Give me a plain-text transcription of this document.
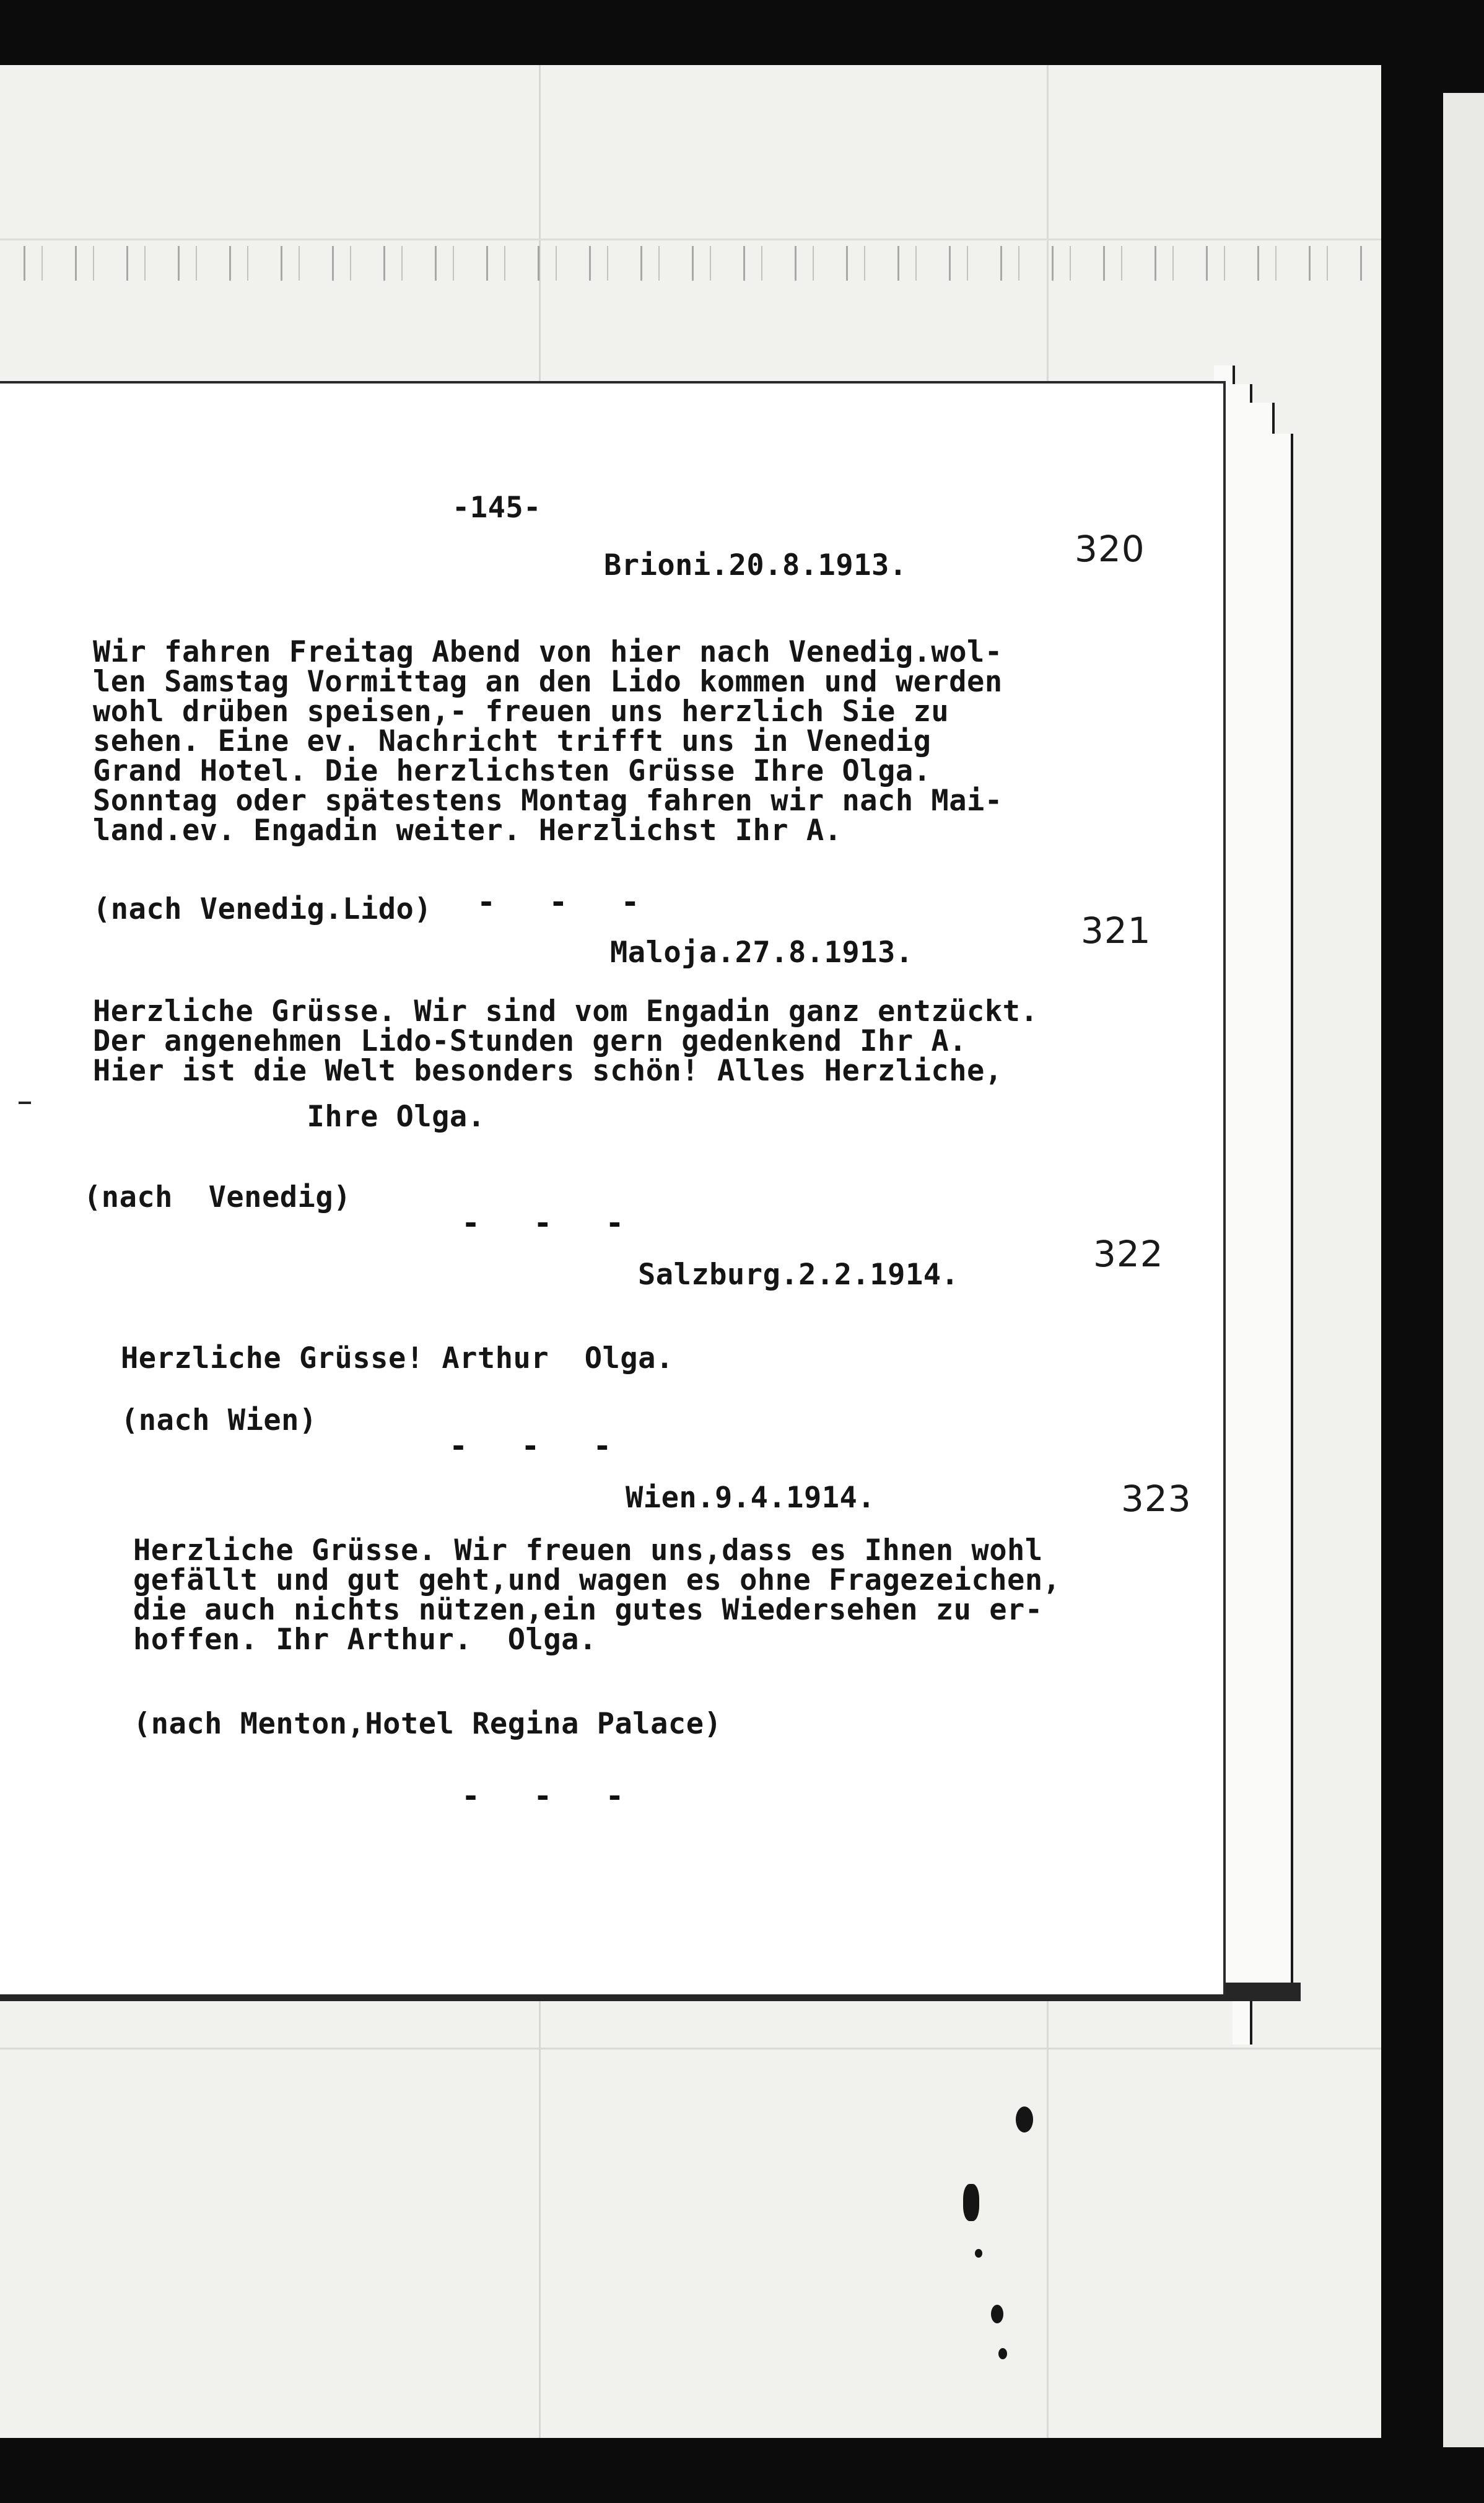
-145-

Brioni.20.8.1913.	320

Wir fahren Freitag Abend von hier nach Venedig.wol-

len Samstag Vormittag an den Lido kommen und werden

wohl drüben speisen,- freuen uns herzlich Sie zu

sehen. Eine ev. Nachricht trifft uns in Venedig

Grand Hotel. Die herzlichsten Grüsse Ihre Olga.

Sonntag oder spätestens Montag fahren wir nach Mai-

land.ev. Engadin weiter. Herzlichst Ihr A.

(nach Venedig.Lido) - - -

Maloja.27.8.1913.

321

Herzliche Grüsse. Wir sind vom Engadin ganz entzückt.

Der angenehmen Lido-Stunden gern gedenkend Ihr A.

Hier ist die Welt besonders schön! Alles Herzliche,

Ihre Olga.

(nach  Venedig)

- - -

Salzburg.2.2.1914.	322

Herzliche Grüsse! Arthur  Olga.

(nach Wien)

- - -

Wien.9.4.1914.	323

Herzliche Grüsse. Wir freuen uns,dass es Ihnen wohl

gefällt und gut geht,und wagen es ohne Fragezeichen,

die auch nichts nützen,ein gutes Wiedersehen zu er-

hoffen. Ihr Arthur.  Olga.

(nach Menton,Hotel Regina Palace)

- - -
